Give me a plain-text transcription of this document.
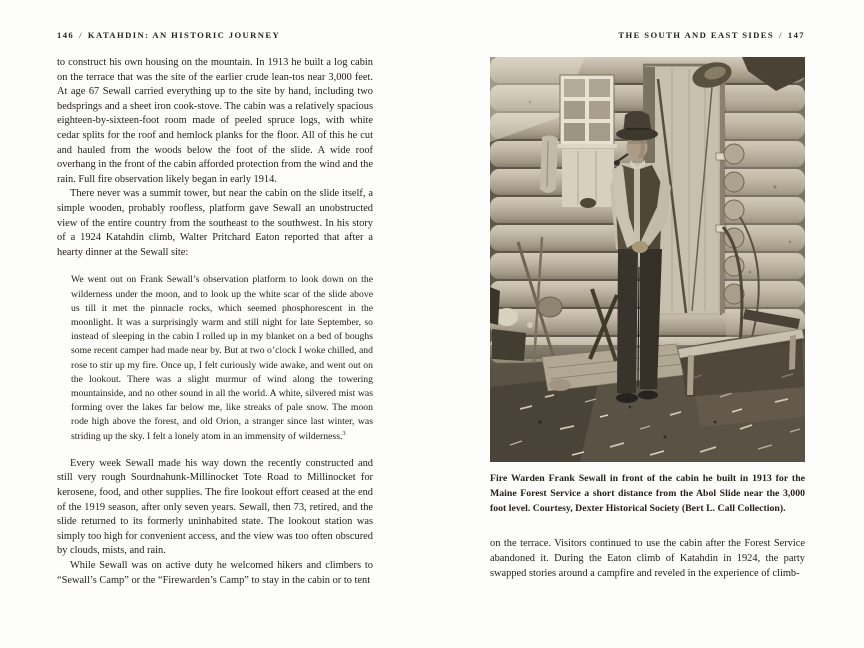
146 / KATAHDIN: AN HISTORIC JOURNEY

to construct his own housing on the mountain. In 1913 he built a log cabin on the terrace that was the site of the earlier crude lean-tos near 3,000 feet. At age 67 Sewall carried everything up to the site by hand, including two bedsprings and a sheet iron cook-stove. The cabin was a relatively spacious eighteen-by-sixteen-foot room made of peeled spruce logs, with white cedar splits for the roof and hemlock planks for the floor. All of this he cut and hauled from the woods below the foot of the slide. A wide roof overhang in the front of the cabin afforded protection from the wind and the rain. Full fire observation likely began in early 1914.

There never was a summit tower, but near the cabin on the slide itself, a simple wooden, probably roofless, platform gave Sewall an unobstructed view of the entire country from the southeast to the southwest. In his story of a 1924 Katahdin climb, Walter Pritchard Eaton reported that after a hearty dinner at the Sewall site:

We went out on Frank Sewall’s observation platform to look down on the wilderness under the moon, and to look up the white scar of the slide above us till it met the pinnacle rocks, which seemed phosphorescent in the moonlight. It was a surprisingly warm and still night for late September, so instead of sleeping in the cabin I rolled up in my blanket on a bed of boughs some recent camper had made near by. But at two o’clock I woke chilled, and rose to stir up my fire. Once up, I felt curiously wide awake, and went out on the lookout. There was a slight murmur of wind along the towering mountainside, and no other sound in all the world. A white, silvered mist was forming over the lakes far below me, like streaks of pale snow. The moon rode high above the forest, and old Orion, a stranger since last winter, was striding up the sky. I felt a lonely atom in an immensity of wilderness.$^3$

Every week Sewall made his way down the recently constructed and still very rough Sourdnahunk-Millinocket Tote Road to Millinocket for kerosene, food, and other supplies. The fire lookout effort ceased at the end of the 1919 season, after only seven years. Sewall, then 73, retired, and the slide returned to its formerly uninhabited state. The lookout station was simply too high for convenient access, and the view was too often obscured by clouds, mists, and rain.

While Sewall was on active duty he welcomed hikers and climbers to “Sewall’s Camp” or the “Firewarden’s Camp” to stay in the cabin or to tent

THE SOUTH AND EAST SIDES / 147
Fire Warden Frank Sewall in front of the cabin he built in 1913 for the Maine Forest Service a short distance from the Abol Slide near the 3,000 foot level. Courtesy, Dexter Historical Society (Bert L. Call Collection).

on the terrace. Visitors continued to use the cabin after the Forest Service abandoned it. During the Eaton climb of Katahdin in 1924, the party swapped stories around a campfire and reveled in the experience of climb-
